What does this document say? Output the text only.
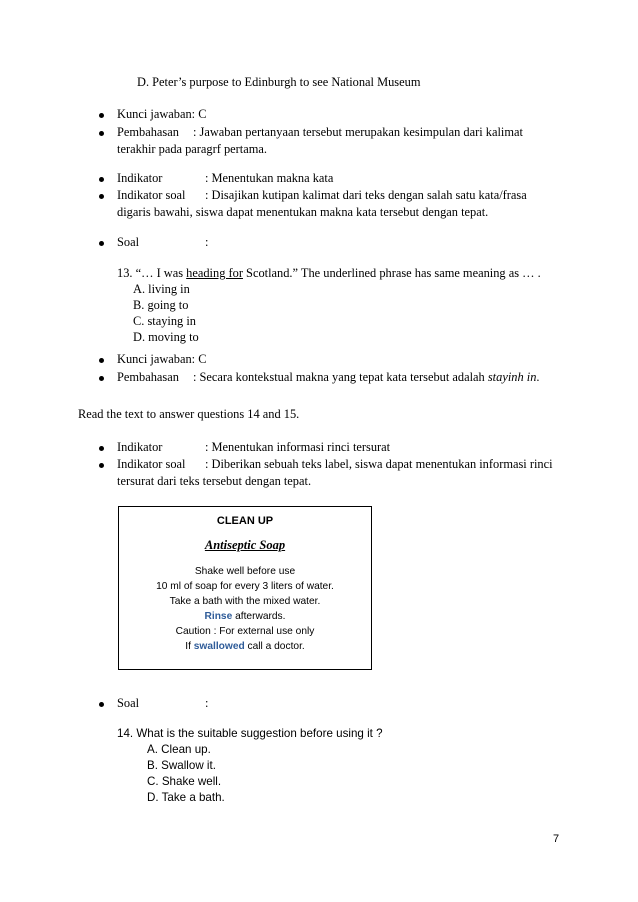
D. Peter’s purpose to Edinburgh to see National Museum
Kunci jawaban: C
Pembahasan : Jawaban pertanyaan tersebut merupakan kesimpulan dari kalimat
terakhir pada paragrf pertama.
Indikator	: Menentukan makna kata
Indikator soal : Disajikan kutipan kalimat dari teks dengan salah satu kata/frasa
digaris bawahi, siswa dapat menentukan makna kata tersebut dengan tepat.
Soal	:
13. “… I was heading for Scotland.” The underlined phrase has same meaning as … .
A. living in
B. going to
C. staying in
D. moving to
Kunci jawaban: C
Pembahasan : Secara kontekstual makna yang tepat kata tersebut adalah stayinh in.
Read the text to answer questions 14 and 15.
Indikator	: Menentukan informasi rinci tersurat
Indikator soal : Diberikan sebuah teks label, siswa dapat menentukan informasi rinci
tersurat dari teks tersebut dengan tepat.
CLEAN UP
Antiseptic Soap
Shake well before use
10 ml of soap for every 3 liters of water.
Take a bath with the mixed water.
Rinse afterwards.
Caution : For external use only
If swallowed call a doctor.
Soal	:
14. What is the suitable suggestion before using it ?
A. Clean up.
B. Swallow it.
C. Shake well.
D. Take a bath.
7
